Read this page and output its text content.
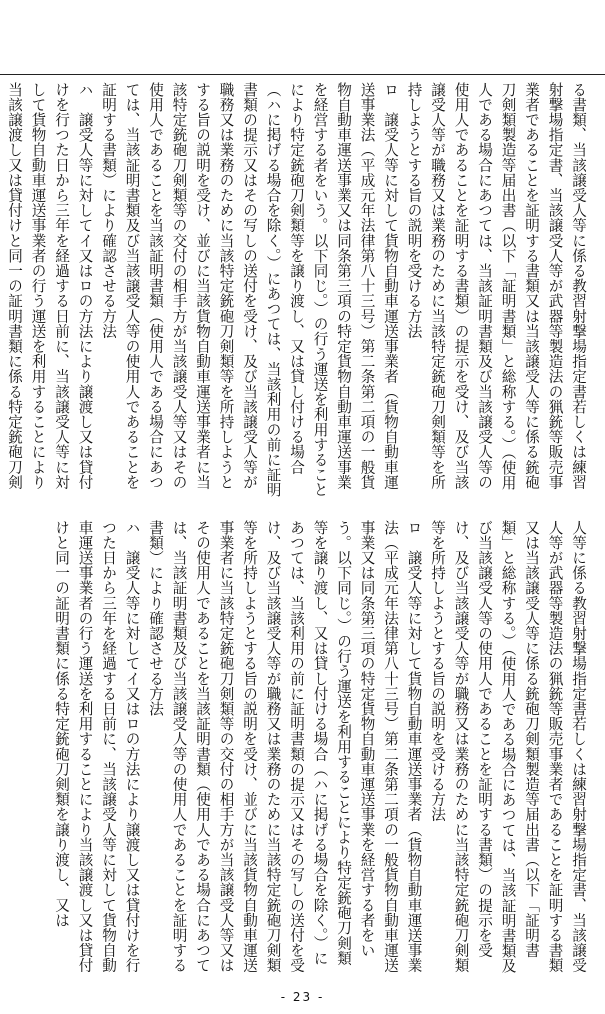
る書類、当該譲受人等に係る教習射撃場指定書若しくは練習射撃場指定書、当該譲受人等が武器等製造法の猟銃等販売事業者であることを証明する書類又は当該譲受人等に係る銃砲刀剣類製造等届出書（以下「証明書類」と総称する。）（使用人である場合にあつては、当該証明書類及び当該譲受人等の使用人であることを証明する書類）の提示を受け、及び当該譲受人等が職務又は業務のために当該特定銃砲刀剣類等を所持しようとする旨の説明を受ける方法

ロ　譲受人等に対して貨物自動車運送事業者（貨物自動車運送事業法（平成元年法律第八十三号）第二条第二項の一般貨物自動車運送事業又は同条第三項の特定貨物自動車運送事業を経営する者をいう。以下同じ。）の行う運送を利用することにより特定銃砲刀剣類等を譲り渡し、又は貸し付ける場合（ハに掲げる場合を除く。）にあつては、当該利用の前に証明書類の提示又はその写しの送付を受け、及び当該譲受人等が職務又は業務のために当該特定銃砲刀剣類等を所持しようとする旨の説明を受け、並びに当該貨物自動車運送事業者に当該特定銃砲刀剣類等の交付の相手方が当該譲受人等又はその使用人であることを当該証明書類（使用人である場合にあつては、当該証明書類及び当該譲受人等の使用人であることを証明する書類）により確認させる方法

ハ　譲受人等に対してイ又はロの方法により譲渡し又は貸付けを行つた日から三年を経過する日前に、当該譲受人等に対して貨物自動車運送事業者の行う運送を利用することにより当該譲渡し又は貸付けと同一の証明書類に係る特定銃砲刀剣

人等に係る教習射撃場指定書若しくは練習射撃場指定書、当該譲受人等が武器等製造法の猟銃等販売事業者であることを証明する書類又は当該譲受人等に係る銃砲刀剣類製造等届出書（以下「証明書類」と総称する。）（使用人である場合にあつては、当該証明書類及び当該譲受人等の使用人であることを証明する書類）の提示を受け、及び当該譲受人等が職務又は業務のために当該特定銃砲刀剣類等を所持しようとする旨の説明を受ける方法

ロ　譲受人等に対して貨物自動車運送事業者（貨物自動車運送事業法（平成元年法律第八十三号）第二条第二項の一般貨物自動車運送事業又は同条第三項の特定貨物自動車運送事業を経営する者をいう。以下同じ。）の行う運送を利用することにより特定銃砲刀剣類等を譲り渡し、又は貸し付ける場合（ハに掲げる場合を除く。）にあつては、当該利用の前に証明書類の提示又はその写しの送付を受け、及び当該譲受人等が職務又は業務のために当該特定銃砲刀剣類等を所持しようとする旨の説明を受け、並びに当該貨物自動車運送事業者に当該特定銃砲刀剣類等の交付の相手方が当該譲受人等又はその使用人であることを当該証明書類（使用人である場合にあつては、当該証明書類及び当該譲受人等の使用人であることを証明する書類）により確認させる方法

ハ　譲受人等に対してイ又はロの方法により譲渡し又は貸付けを行つた日から三年を経過する日前に、当該譲受人等に対して貨物自動車運送事業者の行う運送を利用することにより当該譲渡し又は貸付けと同一の証明書類に係る特定銃砲刀剣類を譲り渡し、又は

- 23 -
